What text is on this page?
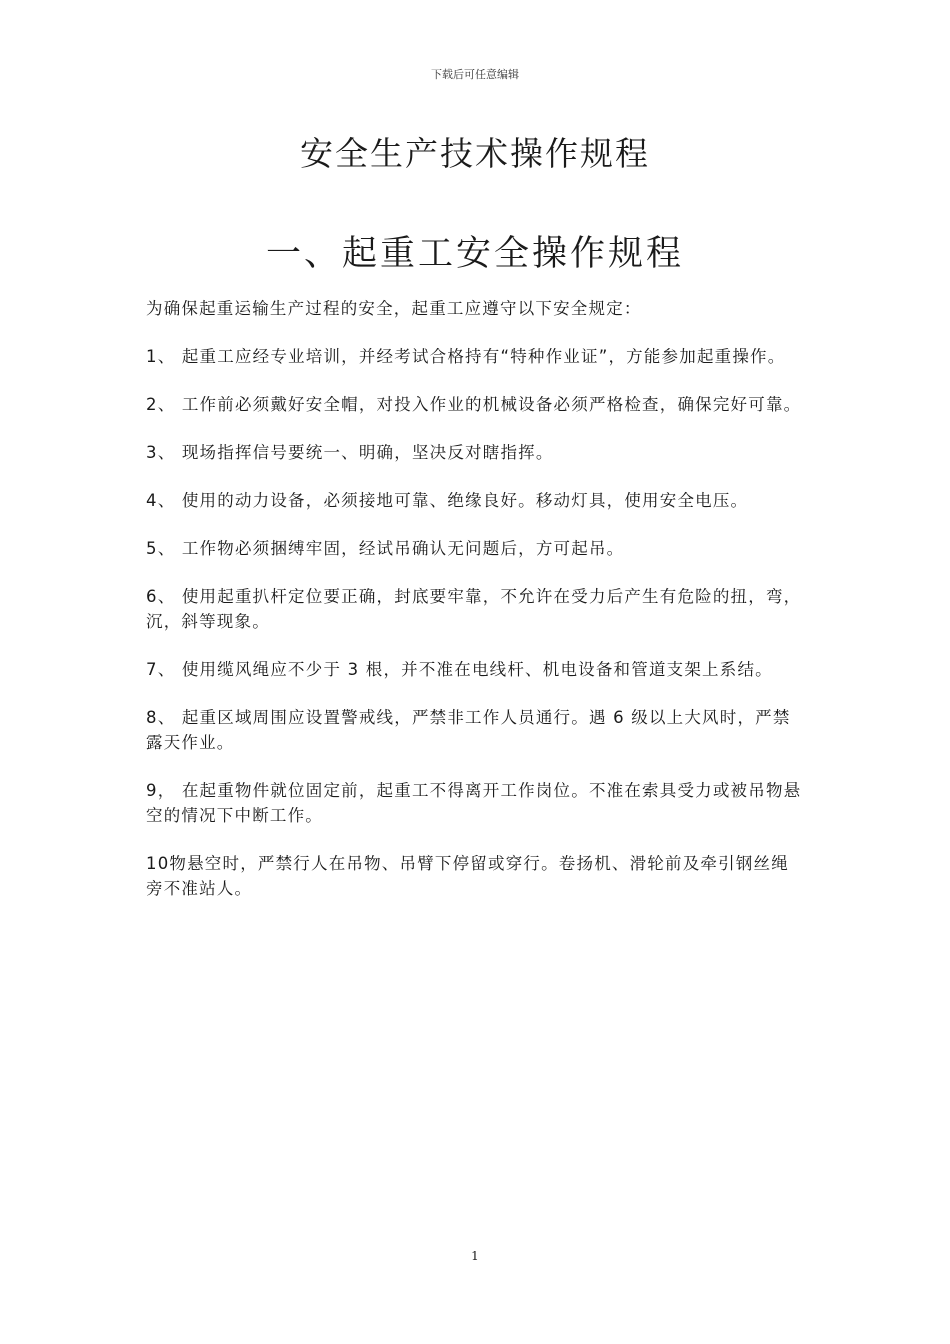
下载后可任意编辑
安全生产技术操作规程
一、起重工安全操作规程

为确保起重运输生产过程的安全，起重工应遵守以下安全规定：

1、 起重工应经专业培训，并经考试合格持有“特种作业证”，方能参加起重操作。

2、 工作前必须戴好安全帽，对投入作业的机械设备必须严格检查，确保完好可靠。

3、 现场指挥信号要统一、明确，坚决反对瞎指挥。

4、 使用的动力设备，必须接地可靠、绝缘良好。移动灯具，使用安全电压。

5、 工作物必须捆缚牢固，经试吊确认无问题后，方可起吊。

6、 使用起重扒杆定位要正确，封底要牢靠，不允许在受力后产生有危险的扭，弯，沉，斜等现象。

7、 使用缆风绳应不少于 3 根，并不准在电线杆、机电设备和管道支架上系结。

8、 起重区域周围应设置警戒线，严禁非工作人员通行。遇 6 级以上大风时，严禁露天作业。

9， 在起重物件就位固定前，起重工不得离开工作岗位。不准在索具受力或被吊物悬空的情况下中断工作。

10物悬空时，严禁行人在吊物、吊臂下停留或穿行。卷扬机、滑轮前及牵引钢丝绳旁不准站人。

1
